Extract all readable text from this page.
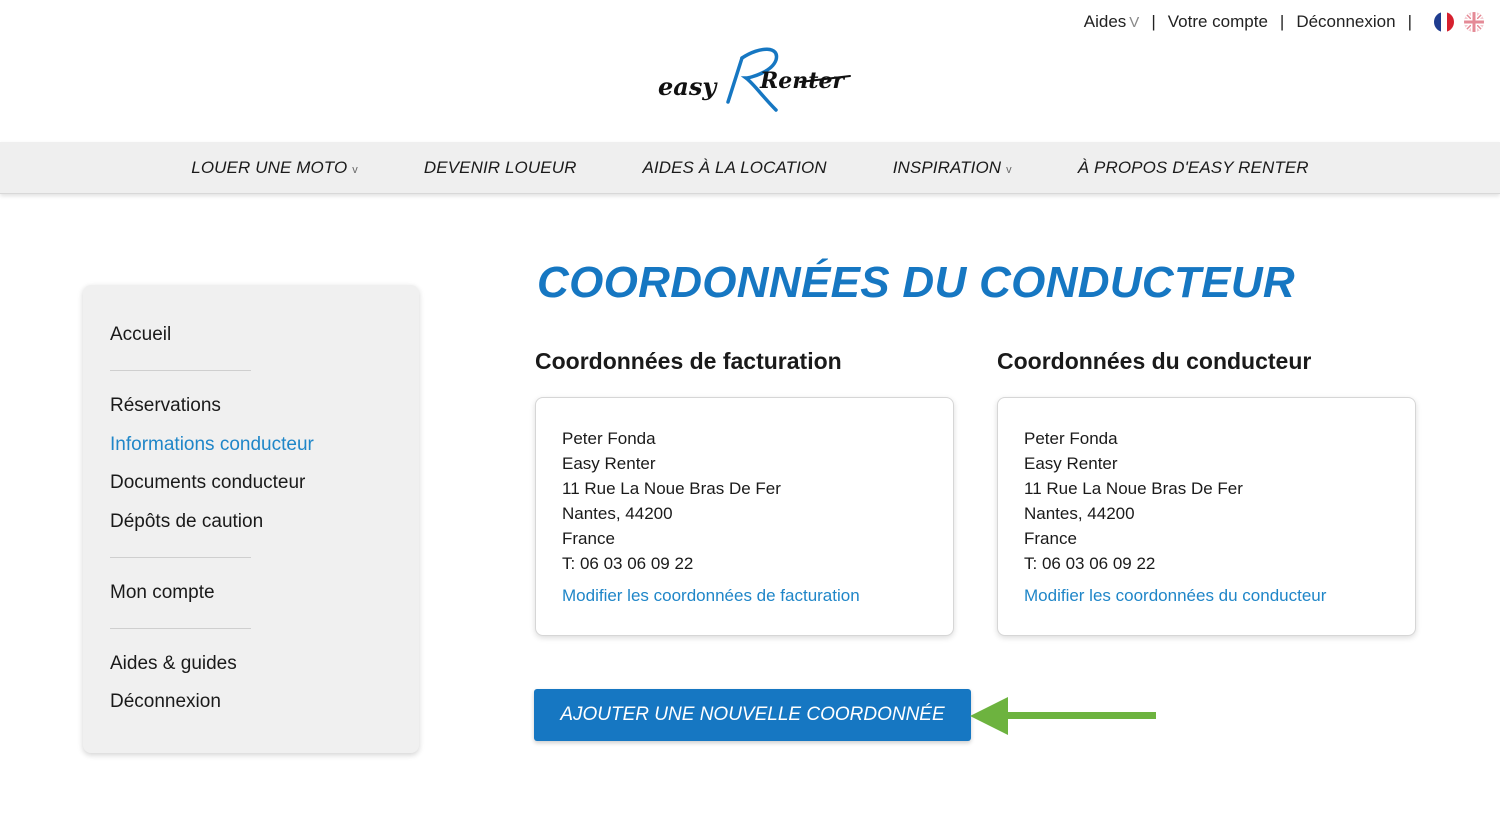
Aides V | Votre compte | Déconnexion |
easy Renter
LOUER UNE MOTO v	DEVENIR LOUEUR	AIDES À LA LOCATION	INSPIRATION v	À PROPOS D'EASY RENTER
Accueil
Réservations
Informations conducteur
Documents conducteur
Dépôts de caution
Mon compte
Aides & guides
Déconnexion
COORDONNÉES DU CONDUCTEUR
Coordonnées de facturation	Coordonnées du conducteur
Peter Fonda
Easy Renter
11 Rue La Noue Bras De Fer
Nantes, 44200
France
T: 06 03 06 09 22
Modifier les coordonnées de facturation
Peter Fonda
Easy Renter
11 Rue La Noue Bras De Fer
Nantes, 44200
France
T: 06 03 06 09 22
Modifier les coordonnées du conducteur
AJOUTER UNE NOUVELLE COORDONNÉE
